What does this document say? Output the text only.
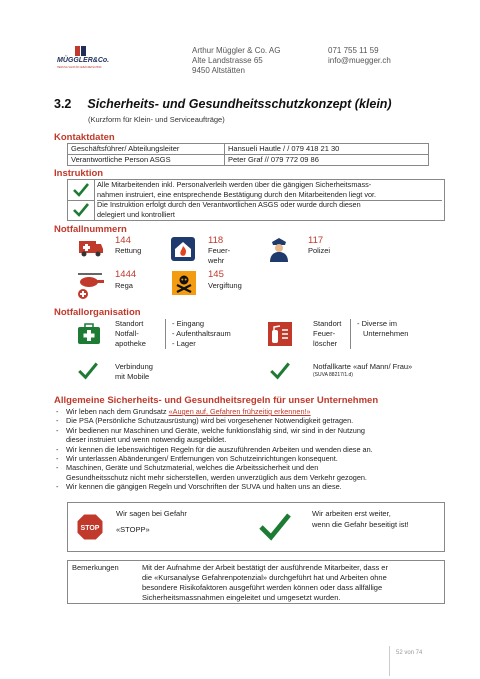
MÜGGLER&Co.
HEIZUNG SANITÄR GEBÄUDETECHNIK
Arthur Müggler & Co. AG
Alte Landstrasse 65
9450 Altstätten
071 755 11 59
info@muegger.ch
3.2 Sicherheits- und Gesundheitsschutzkonzept (klein)
(Kurzform für Klein- und Serviceaufträge)
Kontaktdaten
Geschäftsführer/ Abteilungsleiter	Hansueli Hautle / / 079 418 21 30
Verantwortliche Person ASGS	Peter Graf // 079 772 09 86
Instruktion
Alle Mitarbeitenden inkl. Personalverleih werden über die gängigen Sicherheitsmass-
nahmen instruiert, eine entsprechende Bestätigung durch den Mitarbeitenden liegt vor.
Die Instruktion erfolgt durch den Verantwortlichen ASGS oder wurde durch diesen
delegiert und kontrolliert
Notfallnummern
144
Rettung
118
Feuer-
wehr
117
Polizei
1444
Rega
145
Vergiftung
Notfallorganisation
Standort
Notfall-
apotheke
- Eingang
- Aufenthaltsraum
- Lager
Standort
Feuer-
löscher
- Diverse im
Unternehmen
Verbindung
mit Mobile
Notfallkarte «auf Mann/ Frau»
(SUVA 88217/1.d)
Allgemeine Sicherheits- und Gesundheitsregeln für unser Unternehmen
- Wir leben nach dem Grundsatz «Augen auf, Gefahren frühzeitig erkennen!»
- Die PSA (Persönliche Schutzausrüstung) wird bei vorgesehener Notwendigkeit getragen.
- Wir bedienen nur Maschinen und Geräte, welche funktionsfähig sind, wir sind in der Nutzung
dieser instruiert und wenn notwendig ausgebildet.
- Wir kennen die lebenswichtigen Regeln für die auszuführenden Arbeiten und wenden diese an.
- Wir unterlassen Abänderungen/ Entfernungen von Schutzeinrichtungen konsequent.
- Maschinen, Geräte und Schutzmaterial, welches die Arbeitssicherheit und den
Gesundheitsschutz nicht mehr sicherstellen, werden unverzüglich aus dem Verkehr gezogen.
- Wir kennen die gängigen Regeln und Vorschriften der SUVA und halten uns an diese.
STOP
Wir sagen bei Gefahr
«STOPP»
Wir arbeiten erst weiter,
wenn die Gefahr beseitigt ist!
Bemerkungen	Mit der Aufnahme der Arbeit bestätigt der ausführende Mitarbeiter, dass er
die «Kursanalyse Gefahrenpotenzial» durchgeführt hat und Arbeiten ohne
besondere Risikofaktoren ausgeführt werden können oder dass allfällige
Sicherheitsmassnahmen eingeleitet und umgesetzt wurden.
52 von 74
